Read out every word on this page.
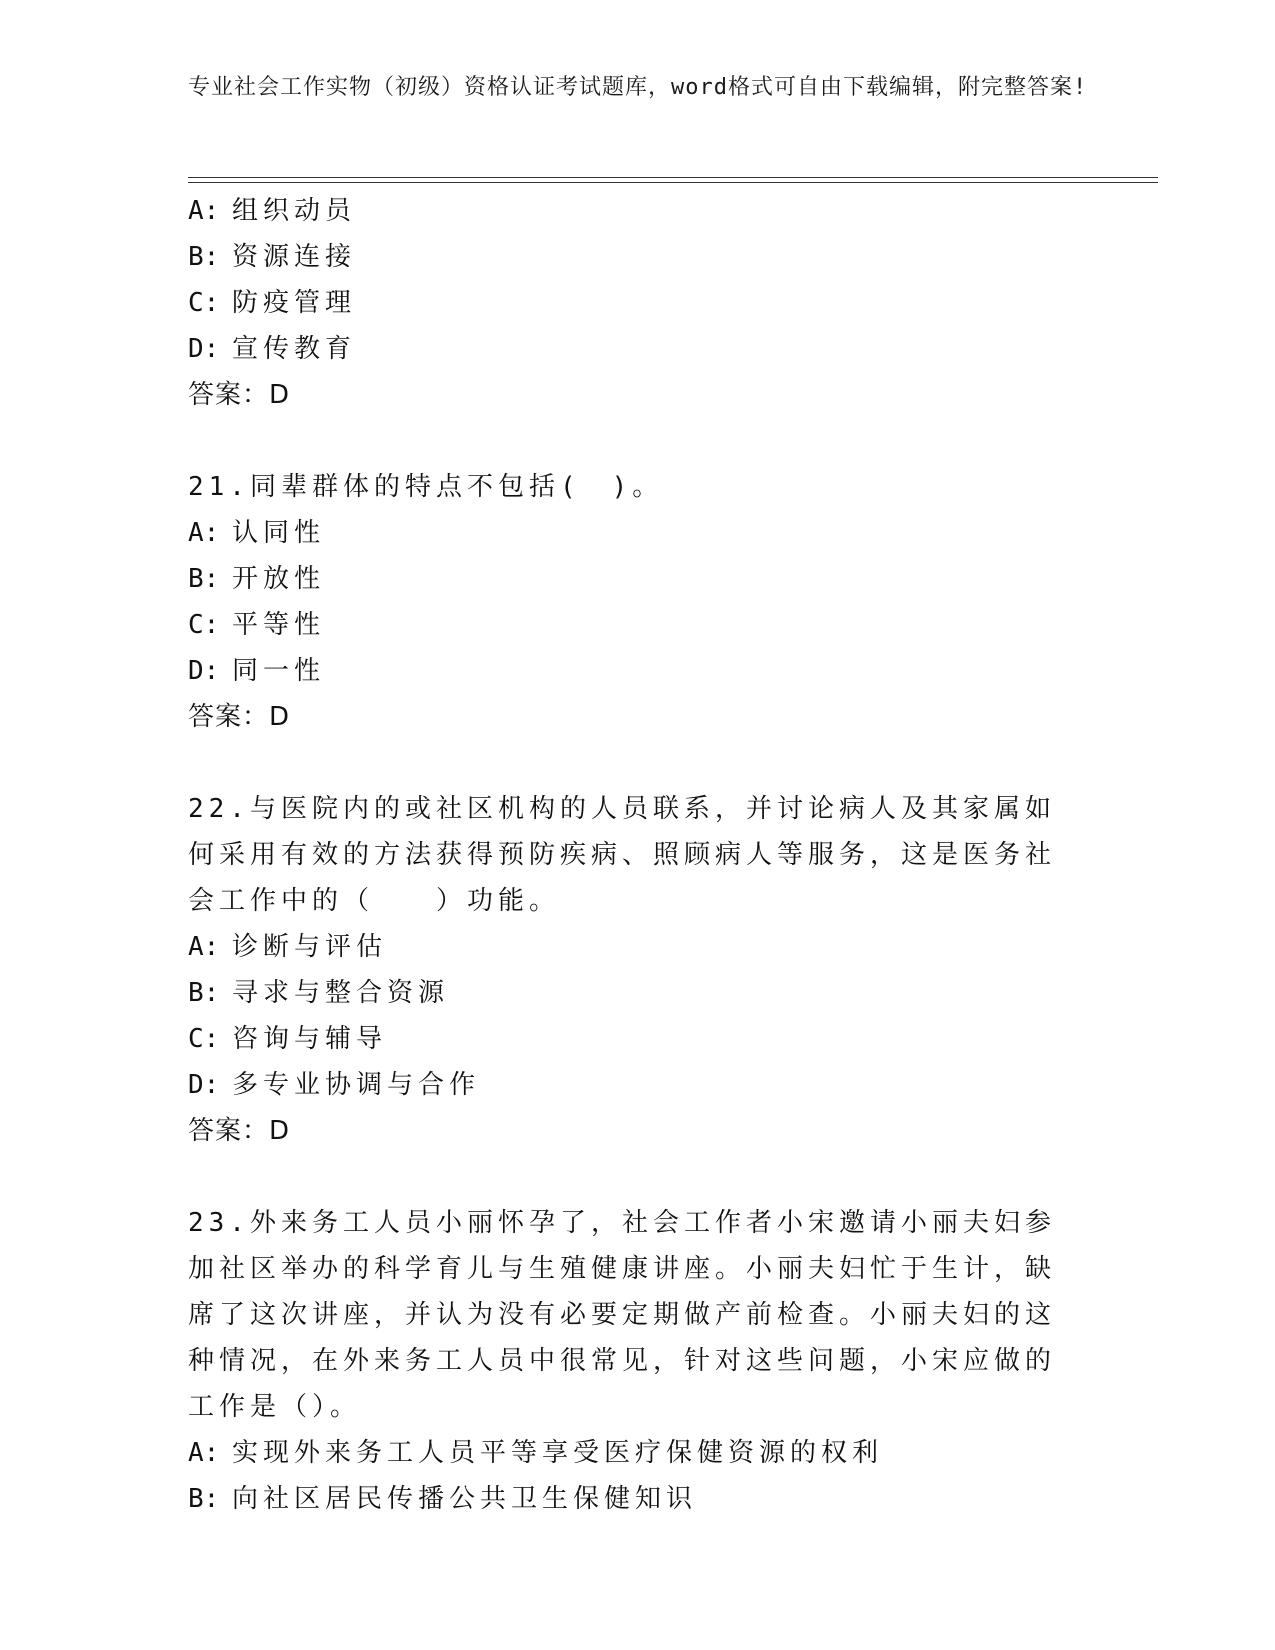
专业社会工作实物（初级）资格认证考试题库，word格式可自由下载编辑，附完整答案!
A: 组织动员
B: 资源连接
C: 防疫管理
D: 宣传教育
答案：D
21.同辈群体的特点不包括(　)。
A: 认同性
B: 开放性
C: 平等性
D: 同一性
答案：D
22.与医院内的或社区机构的人员联系，并讨论病人及其家属如何采用有效的方法获得预防疾病、照顾病人等服务，这是医务社会工作中的（　　）功能。
A: 诊断与评估
B: 寻求与整合资源
C: 咨询与辅导
D: 多专业协调与合作
答案：D
23.外来务工人员小丽怀孕了，社会工作者小宋邀请小丽夫妇参加社区举办的科学育儿与生殖健康讲座。小丽夫妇忙于生计，缺席了这次讲座，并认为没有必要定期做产前检查。小丽夫妇的这种情况，在外来务工人员中很常见，针对这些问题，小宋应做的工作是（）。
A: 实现外来务工人员平等享受医疗保健资源的权利
B: 向社区居民传播公共卫生保健知识
